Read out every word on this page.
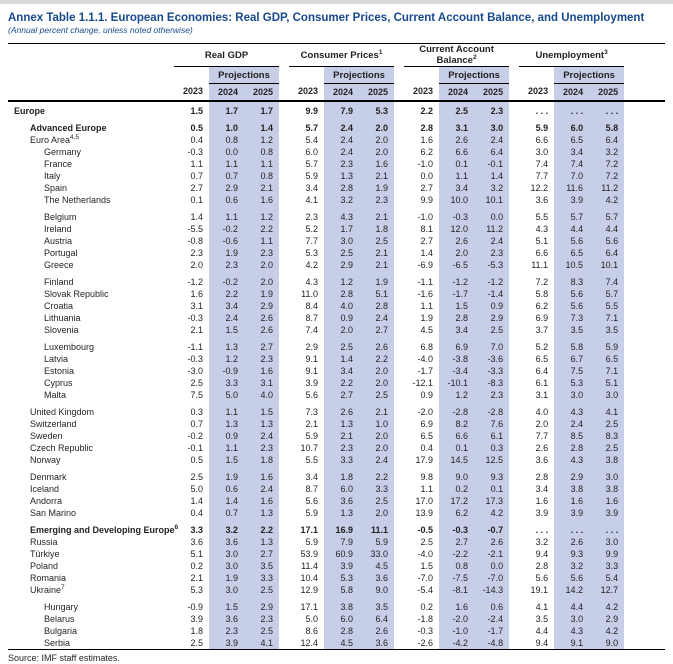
Annex Table 1.1.1. European Economies: Real GDP, Consumer Prices, Current Account Balance, and Unemployment
(Annual percent change, unless noted otherwise)
		Real GDP				Consumer Prices$^1$				Current Account Balance$^2$				Unemployment$^3$	
			Projections				Projections				Projections				Projections		
		2023	2024	2025		2023	2024	2025		2023	2024	2025		2023	2024	2025	

Europe		1.5	1.7	1.7		9.9	7.9	5.3		2.2	2.5	2.3		. . .	. . .	. . .	

Advanced Europe		0.5	1.0	1.4		5.7	2.4	2.0		2.8	3.1	3.0		5.9	6.0	5.8	
Euro Area$^{4,5}$		0.4	0.8	1.2		5.4	2.4	2.0		1.6	2.6	2.4		6.6	6.5	6.4	
Germany		-0.3	0.0	0.8		6.0	2.4	2.0		6.2	6.6	6.4		3.0	3.4	3.2	
France		1.1	1.1	1.1		5.7	2.3	1.6		-1.0	0.1	-0.1		7.4	7.4	7.2	
Italy		0.7	0.7	0.8		5.9	1.3	2.1		0.0	1.1	1.4		7.7	7.0	7.2	
Spain		2.7	2.9	2.1		3.4	2.8	1.9		2.7	3.4	3.2		12.2	11.6	11.2	
The Netherlands		0.1	0.6	1.6		4.1	3.2	2.3		9.9	10.0	10.1		3.6	3.9	4.2	

Belgium		1.4	1.1	1.2		2.3	4.3	2.1		-1.0	-0.3	0.0		5.5	5.7	5.7	
Ireland		-5.5	-0.2	2.2		5.2	1.7	1.8		8.1	12.0	11.2		4.3	4.4	4.4	
Austria		-0.8	-0.6	1.1		7.7	3.0	2.5		2.7	2.6	2.4		5.1	5.6	5.6	
Portugal		2.3	1.9	2.3		5.3	2.5	2.1		1.4	2.0	2.3		6.6	6.5	6.4	
Greece		2.0	2.3	2.0		4.2	2.9	2.1		-6.9	-6.5	-5.3		11.1	10.5	10.1	

Finland		-1.2	-0.2	2.0		4.3	1.2	1.9		-1.1	-1.2	-1.2		7.2	8.3	7.4	
Slovak Republic		1.6	2.2	1.9		11.0	2.8	5.1		-1.6	-1.7	-1.4		5.8	5.6	5.7	
Croatia		3.1	3.4	2.9		8.4	4.0	2.8		1.1	1.5	0.9		6.2	5.6	5.5	
Lithuania		-0.3	2.4	2.6		8.7	0.9	2.4		1.9	2.8	2.9		6.9	7.3	7.1	
Slovenia		2.1	1.5	2.6		7.4	2.0	2.7		4.5	3.4	2.5		3.7	3.5	3.5	

Luxembourg		-1.1	1.3	2.7		2.9	2.5	2.6		6.8	6.9	7.0		5.2	5.8	5.9	
Latvia		-0.3	1.2	2.3		9.1	1.4	2.2		-4.0	-3.8	-3.6		6.5	6.7	6.5	
Estonia		-3.0	-0.9	1.6		9.1	3.4	2.0		-1.7	-3.4	-3.3		6.4	7.5	7.1	
Cyprus		2.5	3.3	3.1		3.9	2.2	2.0		-12.1	-10.1	-8.3		6.1	5.3	5.1	
Malta		7.5	5.0	4.0		5.6	2.7	2.5		0.9	1.2	2.3		3.1	3.0	3.0	

United Kingdom		0.3	1.1	1.5		7.3	2.6	2.1		-2.0	-2.8	-2.8		4.0	4.3	4.1	
Switzerland		0.7	1.3	1.3		2.1	1.3	1.0		6.9	8.2	7.6		2.0	2.4	2.5	
Sweden		-0.2	0.9	2.4		5.9	2.1	2.0		6.5	6.6	6.1		7.7	8.5	8.3	
Czech Republic		-0.1	1.1	2.3		10.7	2.3	2.0		0.4	0.1	0.3		2.6	2.8	2.5	
Norway		0.5	1.5	1.8		5.5	3.3	2.4		17.9	14.5	12.5		3.6	4.3	3.8	

Denmark		2.5	1.9	1.6		3.4	1.8	2.2		9.8	9.0	9.3		2.8	2.9	3.0	
Iceland		5.0	0.6	2.4		8.7	6.0	3.3		1.1	0.2	0.1		3.4	3.8	3.8	
Andorra		1.4	1.4	1.6		5.6	3.6	2.5		17.0	17.2	17.3		1.6	1.6	1.6	
San Marino		0.4	0.7	1.3		5.9	1.3	2.0		13.9	6.2	4.2		3.9	3.9	3.9	

Emerging and Developing Europe$^6$		3.3	3.2	2.2		17.1	16.9	11.1		-0.5	-0.3	-0.7		. . .	. . .	. . .	
Russia		3.6	3.6	1.3		5.9	7.9	5.9		2.5	2.7	2.6		3.2	2.6	3.0	
Türkiye		5.1	3.0	2.7		53.9	60.9	33.0		-4.0	-2.2	-2.1		9.4	9.3	9.9	
Poland		0.2	3.0	3.5		11.4	3.9	4.5		1.5	0.8	0.0		2.8	3.2	3.3	
Romania		2.1	1.9	3.3		10.4	5.3	3.6		-7.0	-7.5	-7.0		5.6	5.6	5.4	
Ukraine$^7$		5.3	3.0	2.5		12.9	5.8	9.0		-5.4	-8.1	-14.3		19.1	14.2	12.7	

Hungary		-0.9	1.5	2.9		17.1	3.8	3.5		0.2	1.6	0.6		4.1	4.4	4.2	
Belarus		3.9	3.6	2.3		5.0	6.0	6.4		-1.8	-2.0	-2.4		3.5	3.0	2.9	
Bulgaria		1.8	2.3	2.5		8.6	2.8	2.6		-0.3	-1.0	-1.7		4.4	4.3	4.2	
Serbia		2.5	3.9	4.1		12.4	4.5	3.6		-2.6	-4.2	-4.8		9.4	9.1	9.0	
Source: IMF staff estimates.
